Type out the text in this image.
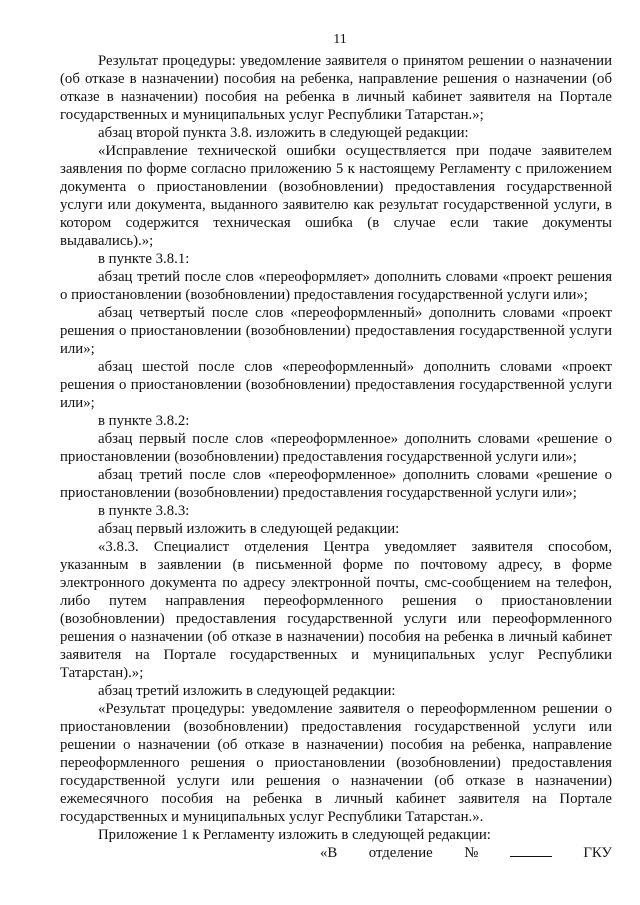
11

Результат процедуры: уведомление заявителя о принятом решении о назначении (об отказе в назначении) пособия на ребенка, направление решения о назначении (об отказе в назначении) пособия на ребенка в личный кабинет заявителя на Портале государственных и муниципальных услуг Республики Татарстан.»;

абзац второй пункта 3.8. изложить в следующей редакции:

«Исправление технической ошибки осуществляется при подаче заявителем заявления по форме согласно приложению 5 к настоящему Регламенту с приложением документа о приостановлении (возобновлении) предоставления государственной услуги или документа, выданного заявителю как результат государственной услуги, в котором содержится техническая ошибка (в случае если такие документы выдавались).»;

в пункте 3.8.1:

абзац третий после слов «переоформляет» дополнить словами «проект решения о приостановлении (возобновлении) предоставления государственной услуги или»;

абзац четвертый после слов «переоформленный» дополнить словами «проект решения о приостановлении (возобновлении) предоставления государственной услуги или»;

абзац шестой после слов «переоформленный» дополнить словами «проект решения о приостановлении (возобновлении) предоставления государственной услуги или»;

в пункте 3.8.2:

абзац первый после слов «переоформленное» дополнить словами «решение о приостановлении (возобновлении) предоставления государственной услуги или»;

абзац третий после слов «переоформленное» дополнить словами «решение о приостановлении (возобновлении) предоставления государственной услуги или»;

в пункте 3.8.3:

абзац первый изложить в следующей редакции:

«3.8.3. Специалист отделения Центра уведомляет заявителя способом, указанным в заявлении (в письменной форме по почтовому адресу, в форме электронного документа по адресу электронной почты, смс-сообщением на телефон, либо путем направления переоформленного решения о приостановлении (возобновлении) предоставления государственной услуги или переоформленного решения о назначении (об отказе в назначении) пособия на ребенка в личный кабинет заявителя на Портале государственных и муниципальных услуг Республики Татарстан).»;

абзац третий изложить в следующей редакции:

«Результат процедуры: уведомление заявителя о переоформленном решении о приостановлении (возобновлении) предоставления государственной услуги или решении о назначении (об отказе в назначении) пособия на ребенка, направление переоформленного решения о приостановлении (возобновлении) предоставления государственной услуги или решения о назначении (об отказе в назначении) ежемесячного пособия на ребенка в личный кабинет заявителя на Портале государственных и муниципальных услуг Республики Татарстан.».

Приложение 1 к Регламенту изложить в следующей редакции:

«В отделение №	ГКУ
